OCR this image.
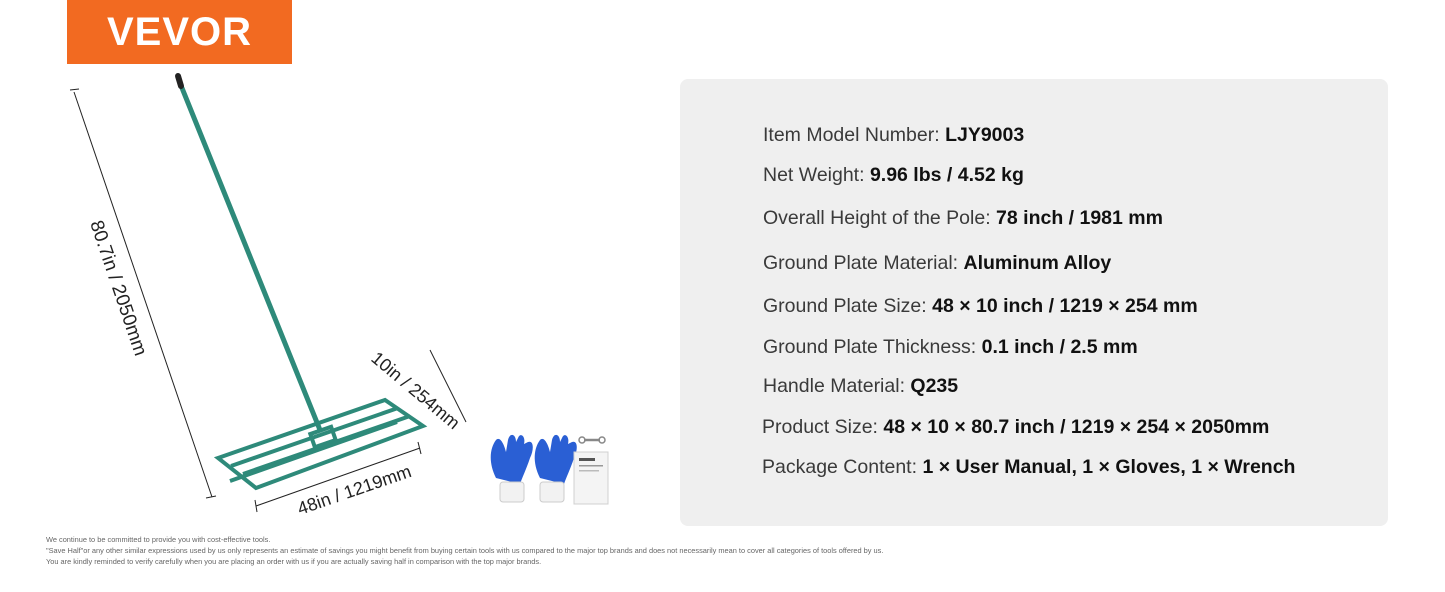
VEVOR
80.7in / 2050mm
10in / 254mm
48in / 1219mm
Item Model Number: LJY9003
Net Weight: 9.96 lbs / 4.52 kg
Overall Height of the Pole: 78 inch / 1981 mm
Ground Plate Material: Aluminum Alloy
Ground Plate Size: 48 × 10 inch / 1219 × 254 mm
Ground Plate Thickness: 0.1 inch / 2.5 mm
Handle Material: Q235
Product Size: 48 × 10 × 80.7 inch / 1219 × 254 × 2050mm
Package Content: 1 × User Manual, 1 × Gloves, 1 × Wrench
We continue to be committed to provide you with cost-effective tools.
"Save Half"or any other similar expressions used by us only represents an estimate of savings you might benefit from buying certain tools with us compared to the major top brands and does not necessarily mean to cover all categories of tools offered by us.
You are kindly reminded to verify carefully when you are placing an order with us if you are actually saving half in comparison with the top major brands.
